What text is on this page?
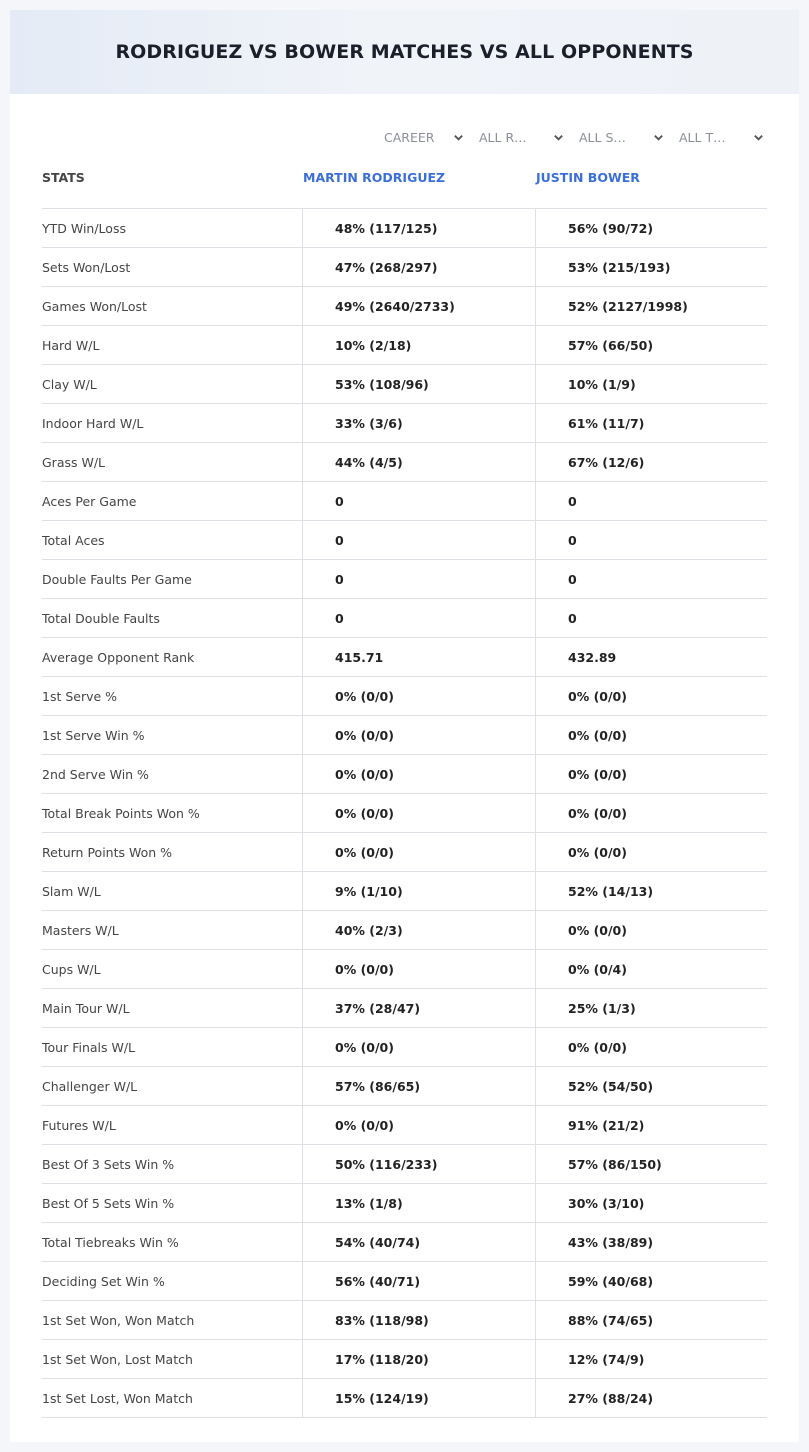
RODRIGUEZ VS BOWER MATCHES VS ALL OPPONENTS
CAREER	ALL R…	ALL S…	ALL T…
STATS	MARTIN RODRIGUEZ	JUSTIN BOWER
YTD Win/Loss	48% (117/125)	56% (90/72)
Sets Won/Lost	47% (268/297)	53% (215/193)
Games Won/Lost	49% (2640/2733)	52% (2127/1998)
Hard W/L	10% (2/18)	57% (66/50)
Clay W/L	53% (108/96)	10% (1/9)
Indoor Hard W/L	33% (3/6)	61% (11/7)
Grass W/L	44% (4/5)	67% (12/6)
Aces Per Game	0	0
Total Aces	0	0
Double Faults Per Game	0	0
Total Double Faults	0	0
Average Opponent Rank	415.71	432.89
1st Serve %	0% (0/0)	0% (0/0)
1st Serve Win %	0% (0/0)	0% (0/0)
2nd Serve Win %	0% (0/0)	0% (0/0)
Total Break Points Won %	0% (0/0)	0% (0/0)
Return Points Won %	0% (0/0)	0% (0/0)
Slam W/L	9% (1/10)	52% (14/13)
Masters W/L	40% (2/3)	0% (0/0)
Cups W/L	0% (0/0)	0% (0/4)
Main Tour W/L	37% (28/47)	25% (1/3)
Tour Finals W/L	0% (0/0)	0% (0/0)
Challenger W/L	57% (86/65)	52% (54/50)
Futures W/L	0% (0/0)	91% (21/2)
Best Of 3 Sets Win %	50% (116/233)	57% (86/150)
Best Of 5 Sets Win %	13% (1/8)	30% (3/10)
Total Tiebreaks Win %	54% (40/74)	43% (38/89)
Deciding Set Win %	56% (40/71)	59% (40/68)
1st Set Won, Won Match	83% (118/98)	88% (74/65)
1st Set Won, Lost Match	17% (118/20)	12% (74/9)
1st Set Lost, Won Match	15% (124/19)	27% (88/24)
